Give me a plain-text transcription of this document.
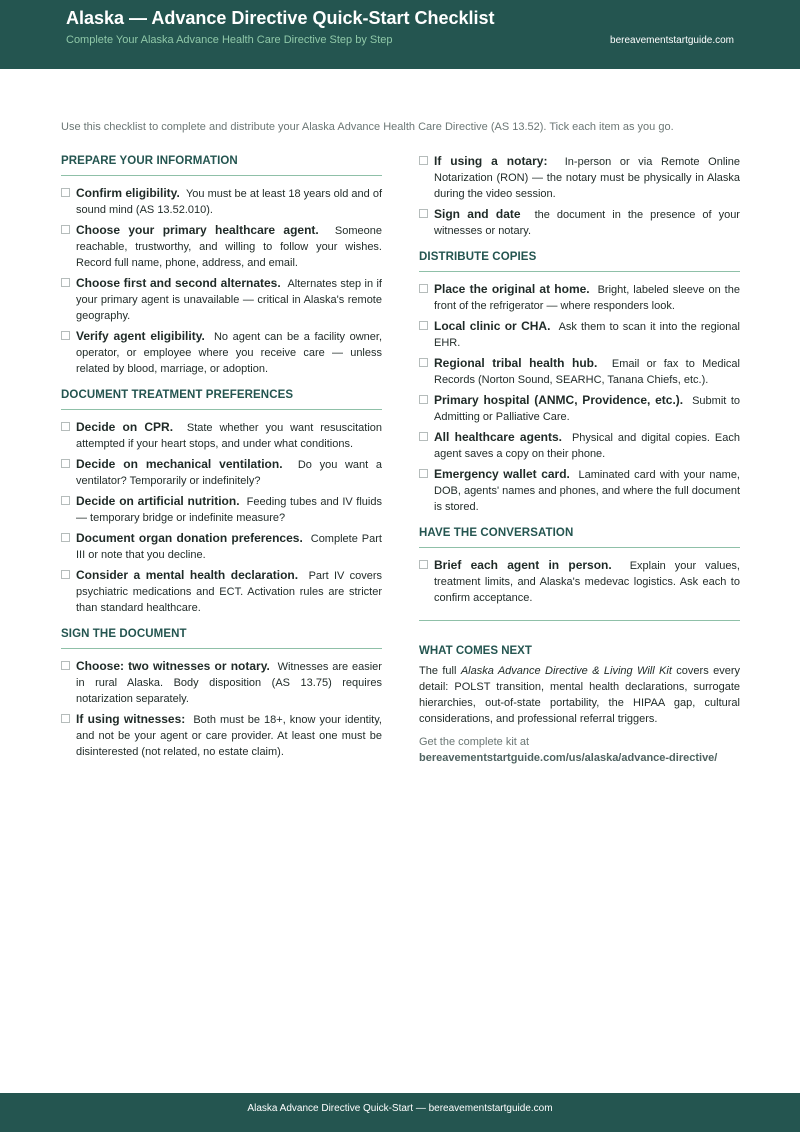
Alaska — Advance Directive Quick-Start Checklist
Complete Your Alaska Advance Health Care Directive Step by Step	bereavementstartguide.com
Use this checklist to complete and distribute your Alaska Advance Health Care Directive (AS 13.52). Tick each item as you go.
PREPARE YOUR INFORMATION
Confirm eligibility. You must be at least 18 years old and of sound mind (AS 13.52.010).
Choose your primary healthcare agent. Someone reachable, trustworthy, and willing to follow your wishes. Record full name, phone, address, and email.
Choose first and second alternates. Alternates step in if your primary agent is unavailable — critical in Alaska's remote geography.
Verify agent eligibility. No agent can be a facility owner, operator, or employee where you receive care — unless related by blood, marriage, or adoption.
DOCUMENT TREATMENT PREFERENCES
Decide on CPR. State whether you want resuscitation attempted if your heart stops, and under what conditions.
Decide on mechanical ventilation. Do you want a ventilator? Temporarily or indefinitely?
Decide on artificial nutrition. Feeding tubes and IV fluids — temporary bridge or indefinite measure?
Document organ donation preferences. Complete Part III or note that you decline.
Consider a mental health declaration. Part IV covers psychiatric medications and ECT. Activation rules are stricter than standard healthcare.
SIGN THE DOCUMENT
Choose: two witnesses or notary. Witnesses are easier in rural Alaska. Body disposition (AS 13.75) requires notarization separately.
If using witnesses: Both must be 18+, know your identity, and not be your agent or care provider. At least one must be disinterested (not related, no estate claim).
If using a notary: In-person or via Remote Online Notarization (RON) — the notary must be physically in Alaska during the video session.
Sign and date the document in the presence of your witnesses or notary.
DISTRIBUTE COPIES
Place the original at home. Bright, labeled sleeve on the front of the refrigerator — where responders look.
Local clinic or CHA. Ask them to scan it into the regional EHR.
Regional tribal health hub. Email or fax to Medical Records (Norton Sound, SEARHC, Tanana Chiefs, etc.).
Primary hospital (ANMC, Providence, etc.). Submit to Admitting or Palliative Care.
All healthcare agents. Physical and digital copies. Each agent saves a copy on their phone.
Emergency wallet card. Laminated card with your name, DOB, agents' names and phones, and where the full document is stored.
HAVE THE CONVERSATION
Brief each agent in person. Explain your values, treatment limits, and Alaska's medevac logistics. Ask each to confirm acceptance.
WHAT COMES NEXT
The full Alaska Advance Directive & Living Will Kit covers every detail: POLST transition, mental health declarations, surrogate hierarchies, out-of-state portability, the HIPAA gap, cultural considerations, and professional referral triggers.
Get the complete kit at
bereavementstartguide.com/us/alaska/advance-directive/
Alaska Advance Directive Quick-Start — bereavementstartguide.com
